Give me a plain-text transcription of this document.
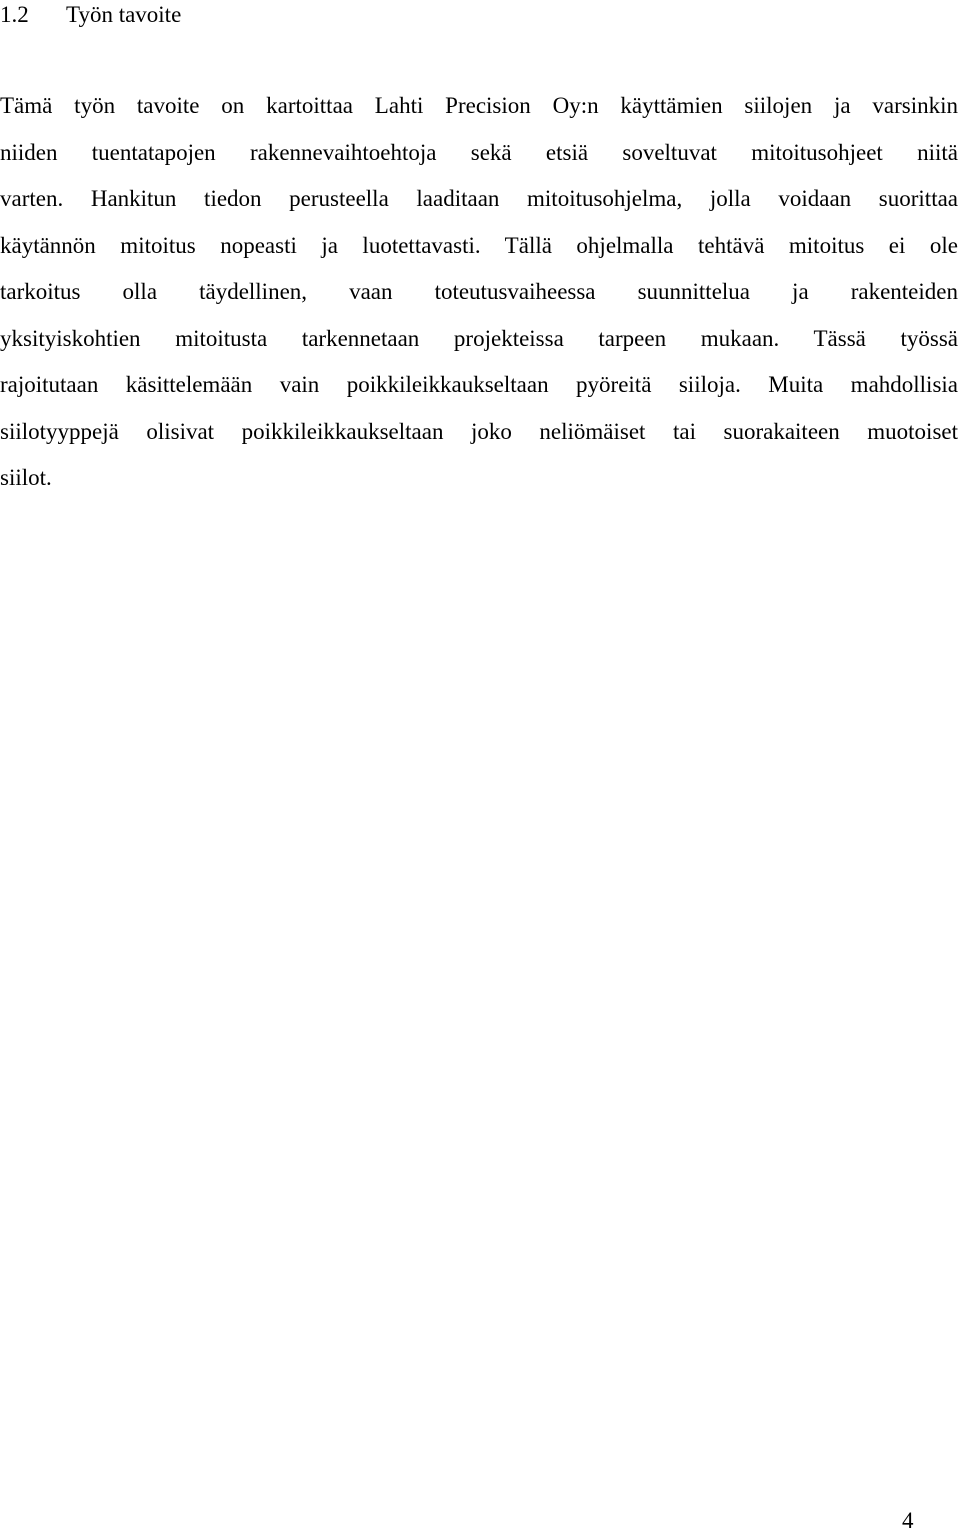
1.2 Työn tavoite
Tämä työn tavoite on kartoittaa Lahti Precision Oy:n käyttämien siilojen ja varsinkin
niiden tuentatapojen rakennevaihtoehtoja sekä etsiä soveltuvat mitoitusohjeet niitä
varten. Hankitun tiedon perusteella laaditaan mitoitusohjelma, jolla voidaan suorittaa
käytännön mitoitus nopeasti ja luotettavasti. Tällä ohjelmalla tehtävä mitoitus ei ole
tarkoitus olla täydellinen, vaan toteutusvaiheessa suunnittelua ja rakenteiden
yksityiskohtien mitoitusta tarkennetaan projekteissa tarpeen mukaan. Tässä työssä
rajoitutaan käsittelemään vain poikkileikkaukseltaan pyöreitä siiloja. Muita mahdollisia
siilotyyppejä olisivat poikkileikkaukseltaan joko neliömäiset tai suorakaiteen muotoiset
siilot.
4
